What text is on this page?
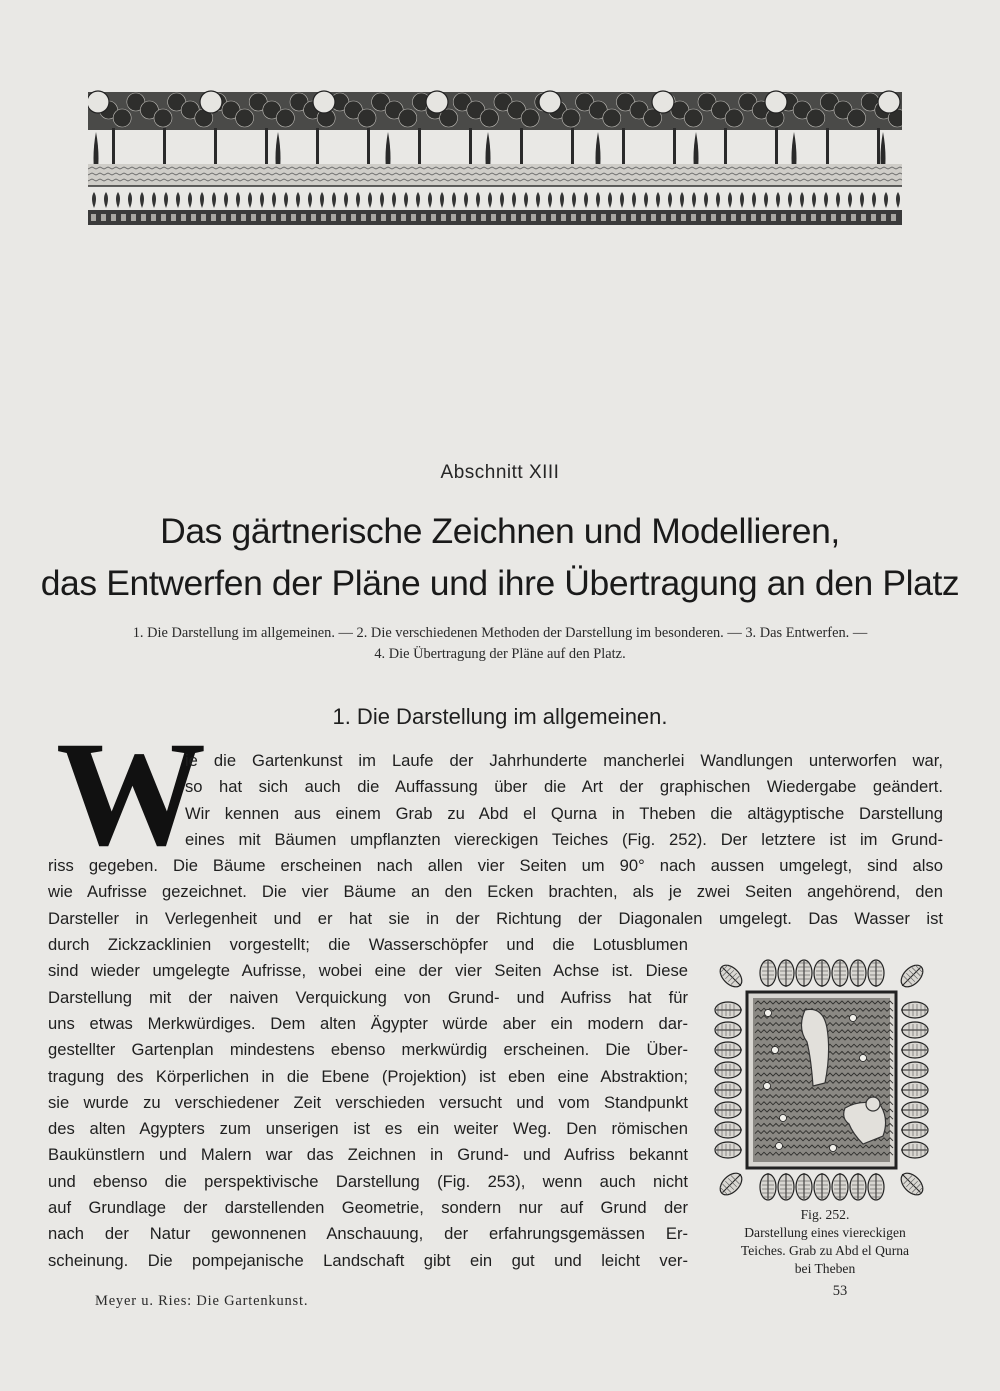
Abschnitt XIII
Das gärtnerische Zeichnen und Modellieren,
das Entwerfen der Pläne und ihre Übertragung an den Platz
1. Die Darstellung im allgemeinen. — 2. Die verschiedenen Methoden der Darstellung im besonderen. — 3. Das Entwerfen. —
4. Die Übertragung der Pläne auf den Platz.
1. Die Darstellung im allgemeinen.
W
ie die Gartenkunst im Laufe der Jahrhunderte mancherlei Wandlungen unterworfen war,
so hat sich auch die Auffassung über die Art der graphischen Wiedergabe geändert.
Wir kennen aus einem Grab zu Abd el Qurna in Theben die altägyptische Darstellung
eines mit Bäumen umpflanzten viereckigen Teiches (Fig. 252). Der letztere ist im Grund-
riss gegeben. Die Bäume erscheinen nach allen vier Seiten um 90° nach aussen umgelegt, sind also
wie Aufrisse gezeichnet. Die vier Bäume an den Ecken brachten, als je zwei Seiten angehörend, den
Darsteller in Verlegenheit und er hat sie in der Richtung der Diagonalen umgelegt. Das Wasser ist
durch Zickzacklinien vorgestellt; die Wasserschöpfer und die Lotusblumen
sind wieder umgelegte Aufrisse, wobei eine der vier Seiten Achse ist. Diese
Darstellung mit der naiven Verquickung von Grund- und Aufriss hat für
uns etwas Merkwürdiges. Dem alten Ägypter würde aber ein modern dar-
gestellter Gartenplan mindestens ebenso merkwürdig erscheinen. Die Über-
tragung des Körperlichen in die Ebene (Projektion) ist eben eine Abstraktion;
sie wurde zu verschiedener Zeit verschieden versucht und vom Standpunkt
des alten Agypters zum unserigen ist es ein weiter Weg. Den römischen
Baukünstlern und Malern war das Zeichnen in Grund- und Aufriss bekannt
und ebenso die perspektivische Darstellung (Fig. 253), wenn auch nicht
auf Grundlage der darstellenden Geometrie, sondern nur auf Grund der
nach der Natur gewonnenen Anschauung, der erfahrungsgemässen Er-
scheinung. Die pompejanische Landschaft gibt ein gut und leicht ver-
Fig. 252.
Darstellung eines viereckigen
Teiches. Grab zu Abd el Qurna
bei Theben
Meyer u. Ries: Die Gartenkunst.
53
